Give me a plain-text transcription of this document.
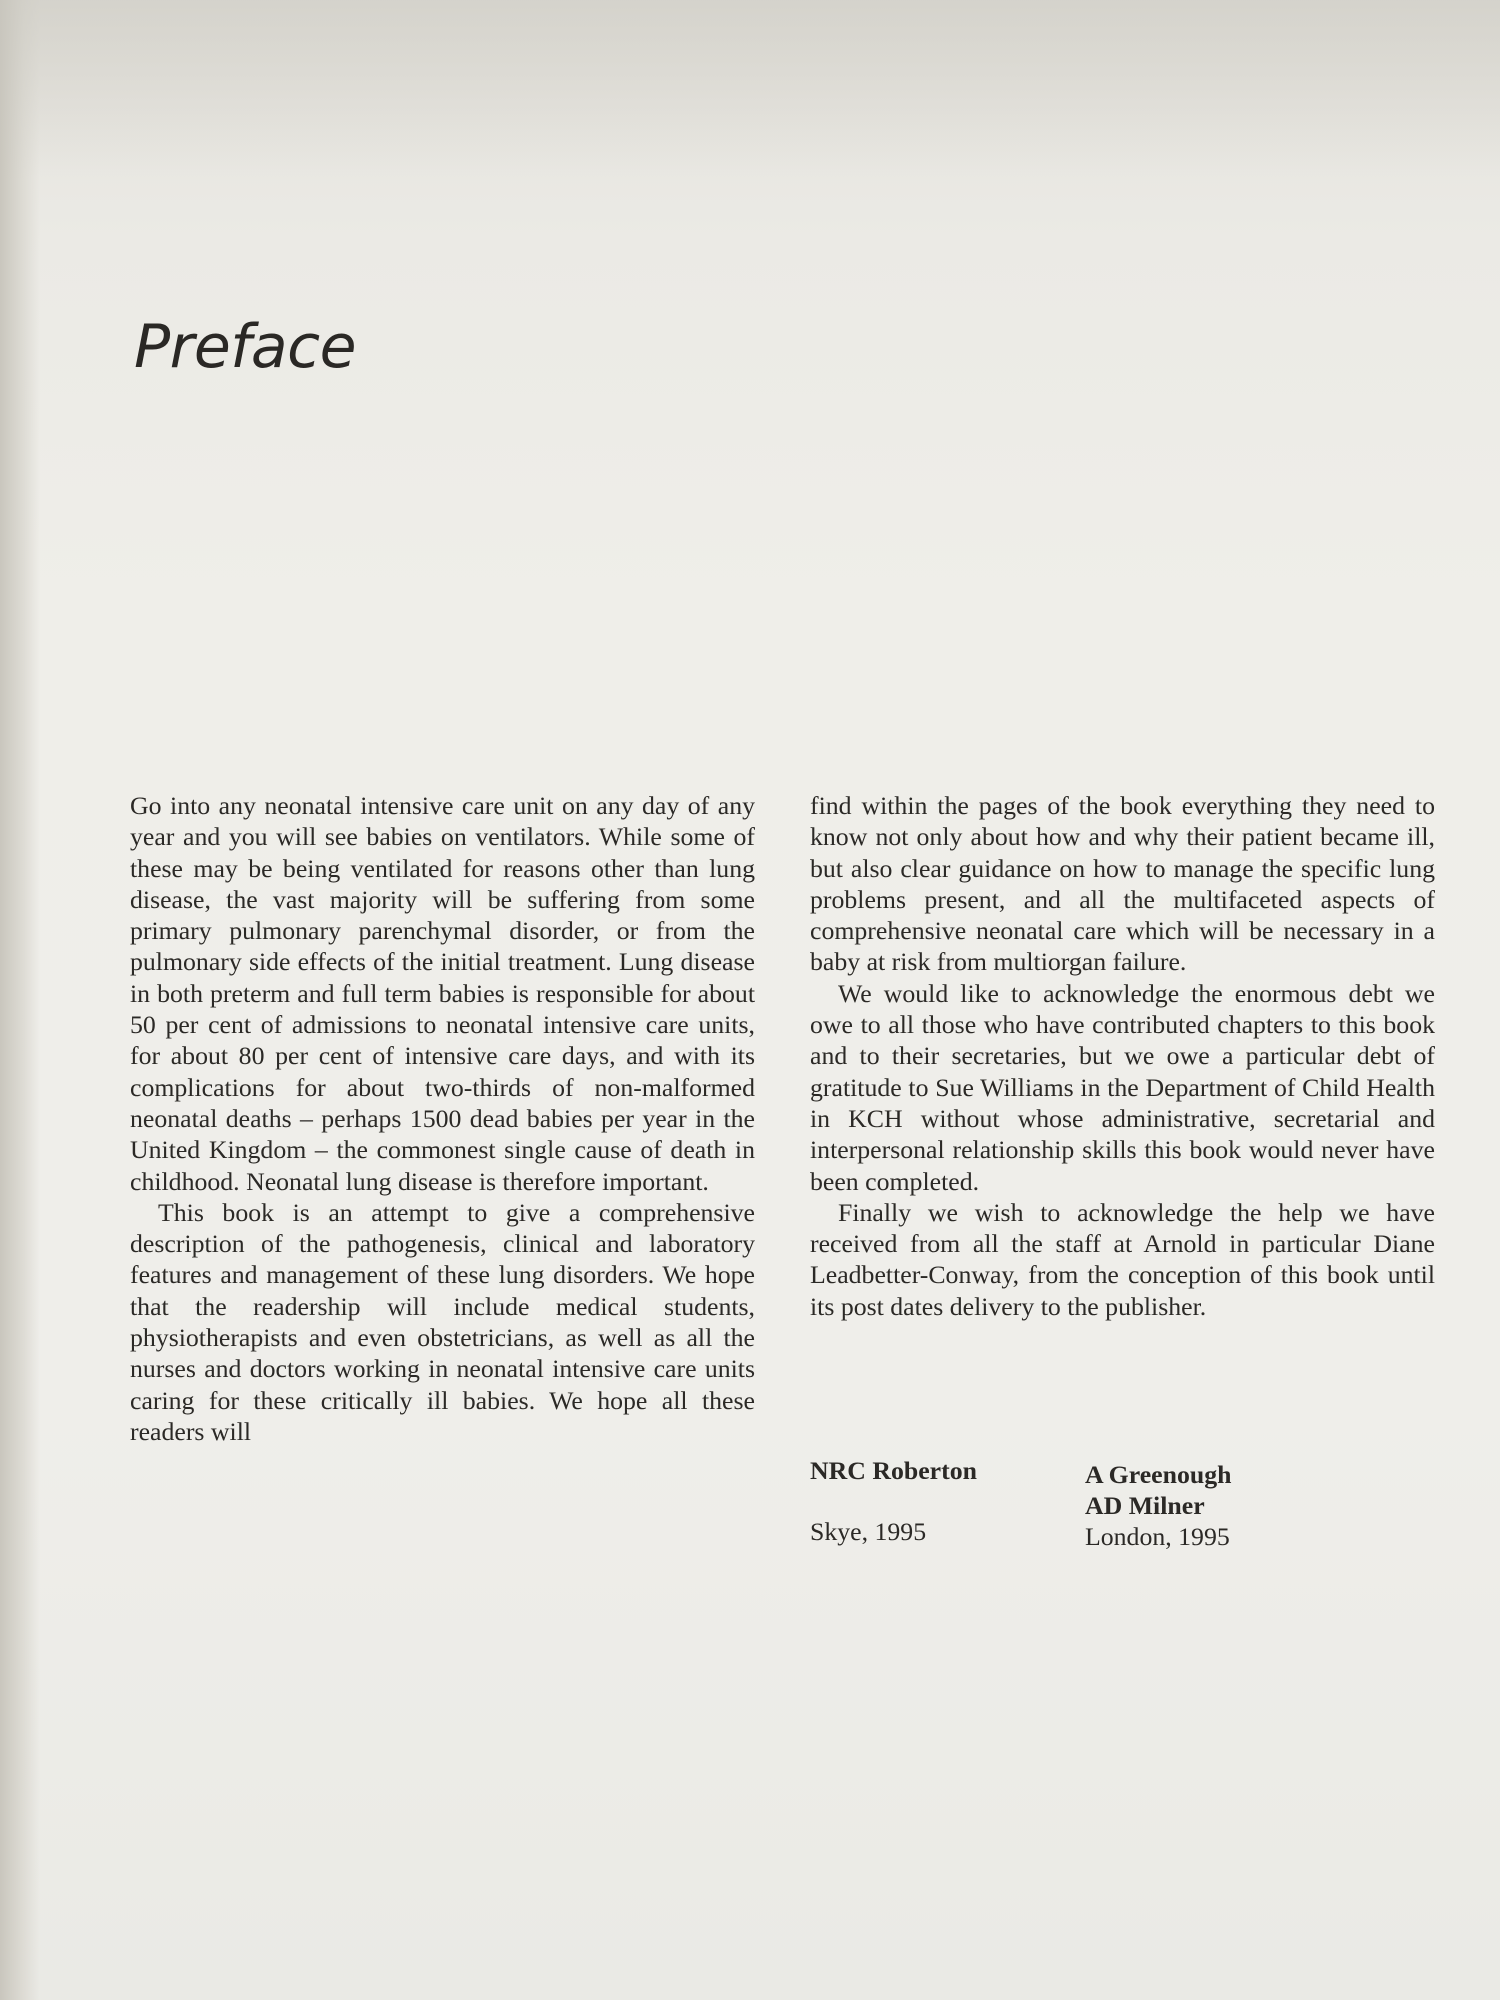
Preface

Go into any neonatal intensive care unit on any day of any year and you will see babies on ventilators. While some of these may be being ventilated for reasons other than lung disease, the vast majority will be suffering from some primary pulmonary parenchymal disorder, or from the pulmonary side effects of the initial treatment. Lung disease in both preterm and full term babies is responsible for about 50 per cent of admissions to neonatal intensive care units, for about 80 per cent of intensive care days, and with its complications for about two-thirds of non-malformed neonatal deaths – perhaps 1500 dead babies per year in the United Kingdom – the commonest single cause of death in childhood. Neonatal lung disease is therefore important.

This book is an attempt to give a comprehensive description of the pathogenesis, clinical and laboratory features and management of these lung disorders. We hope that the readership will include medical students, physiotherapists and even obstetricians, as well as all the nurses and doctors working in neonatal intensive care units caring for these critically ill babies. We hope all these readers will

find within the pages of the book everything they need to know not only about how and why their patient became ill, but also clear guidance on how to manage the specific lung problems present, and all the multifaceted aspects of comprehensive neonatal care which will be necessary in a baby at risk from multiorgan failure.

We would like to acknowledge the enormous debt we owe to all those who have contributed chapters to this book and to their secretaries, but we owe a particular debt of gratitude to Sue Williams in the Department of Child Health in KCH without whose administrative, secretarial and interpersonal relationship skills this book would never have been completed.

Finally we wish to acknowledge the help we have received from all the staff at Arnold in particular Diane Leadbetter-Conway, from the conception of this book until its post dates delivery to the publisher.

NRC Roberton
Skye, 1995
A Greenough
AD Milner
London, 1995
